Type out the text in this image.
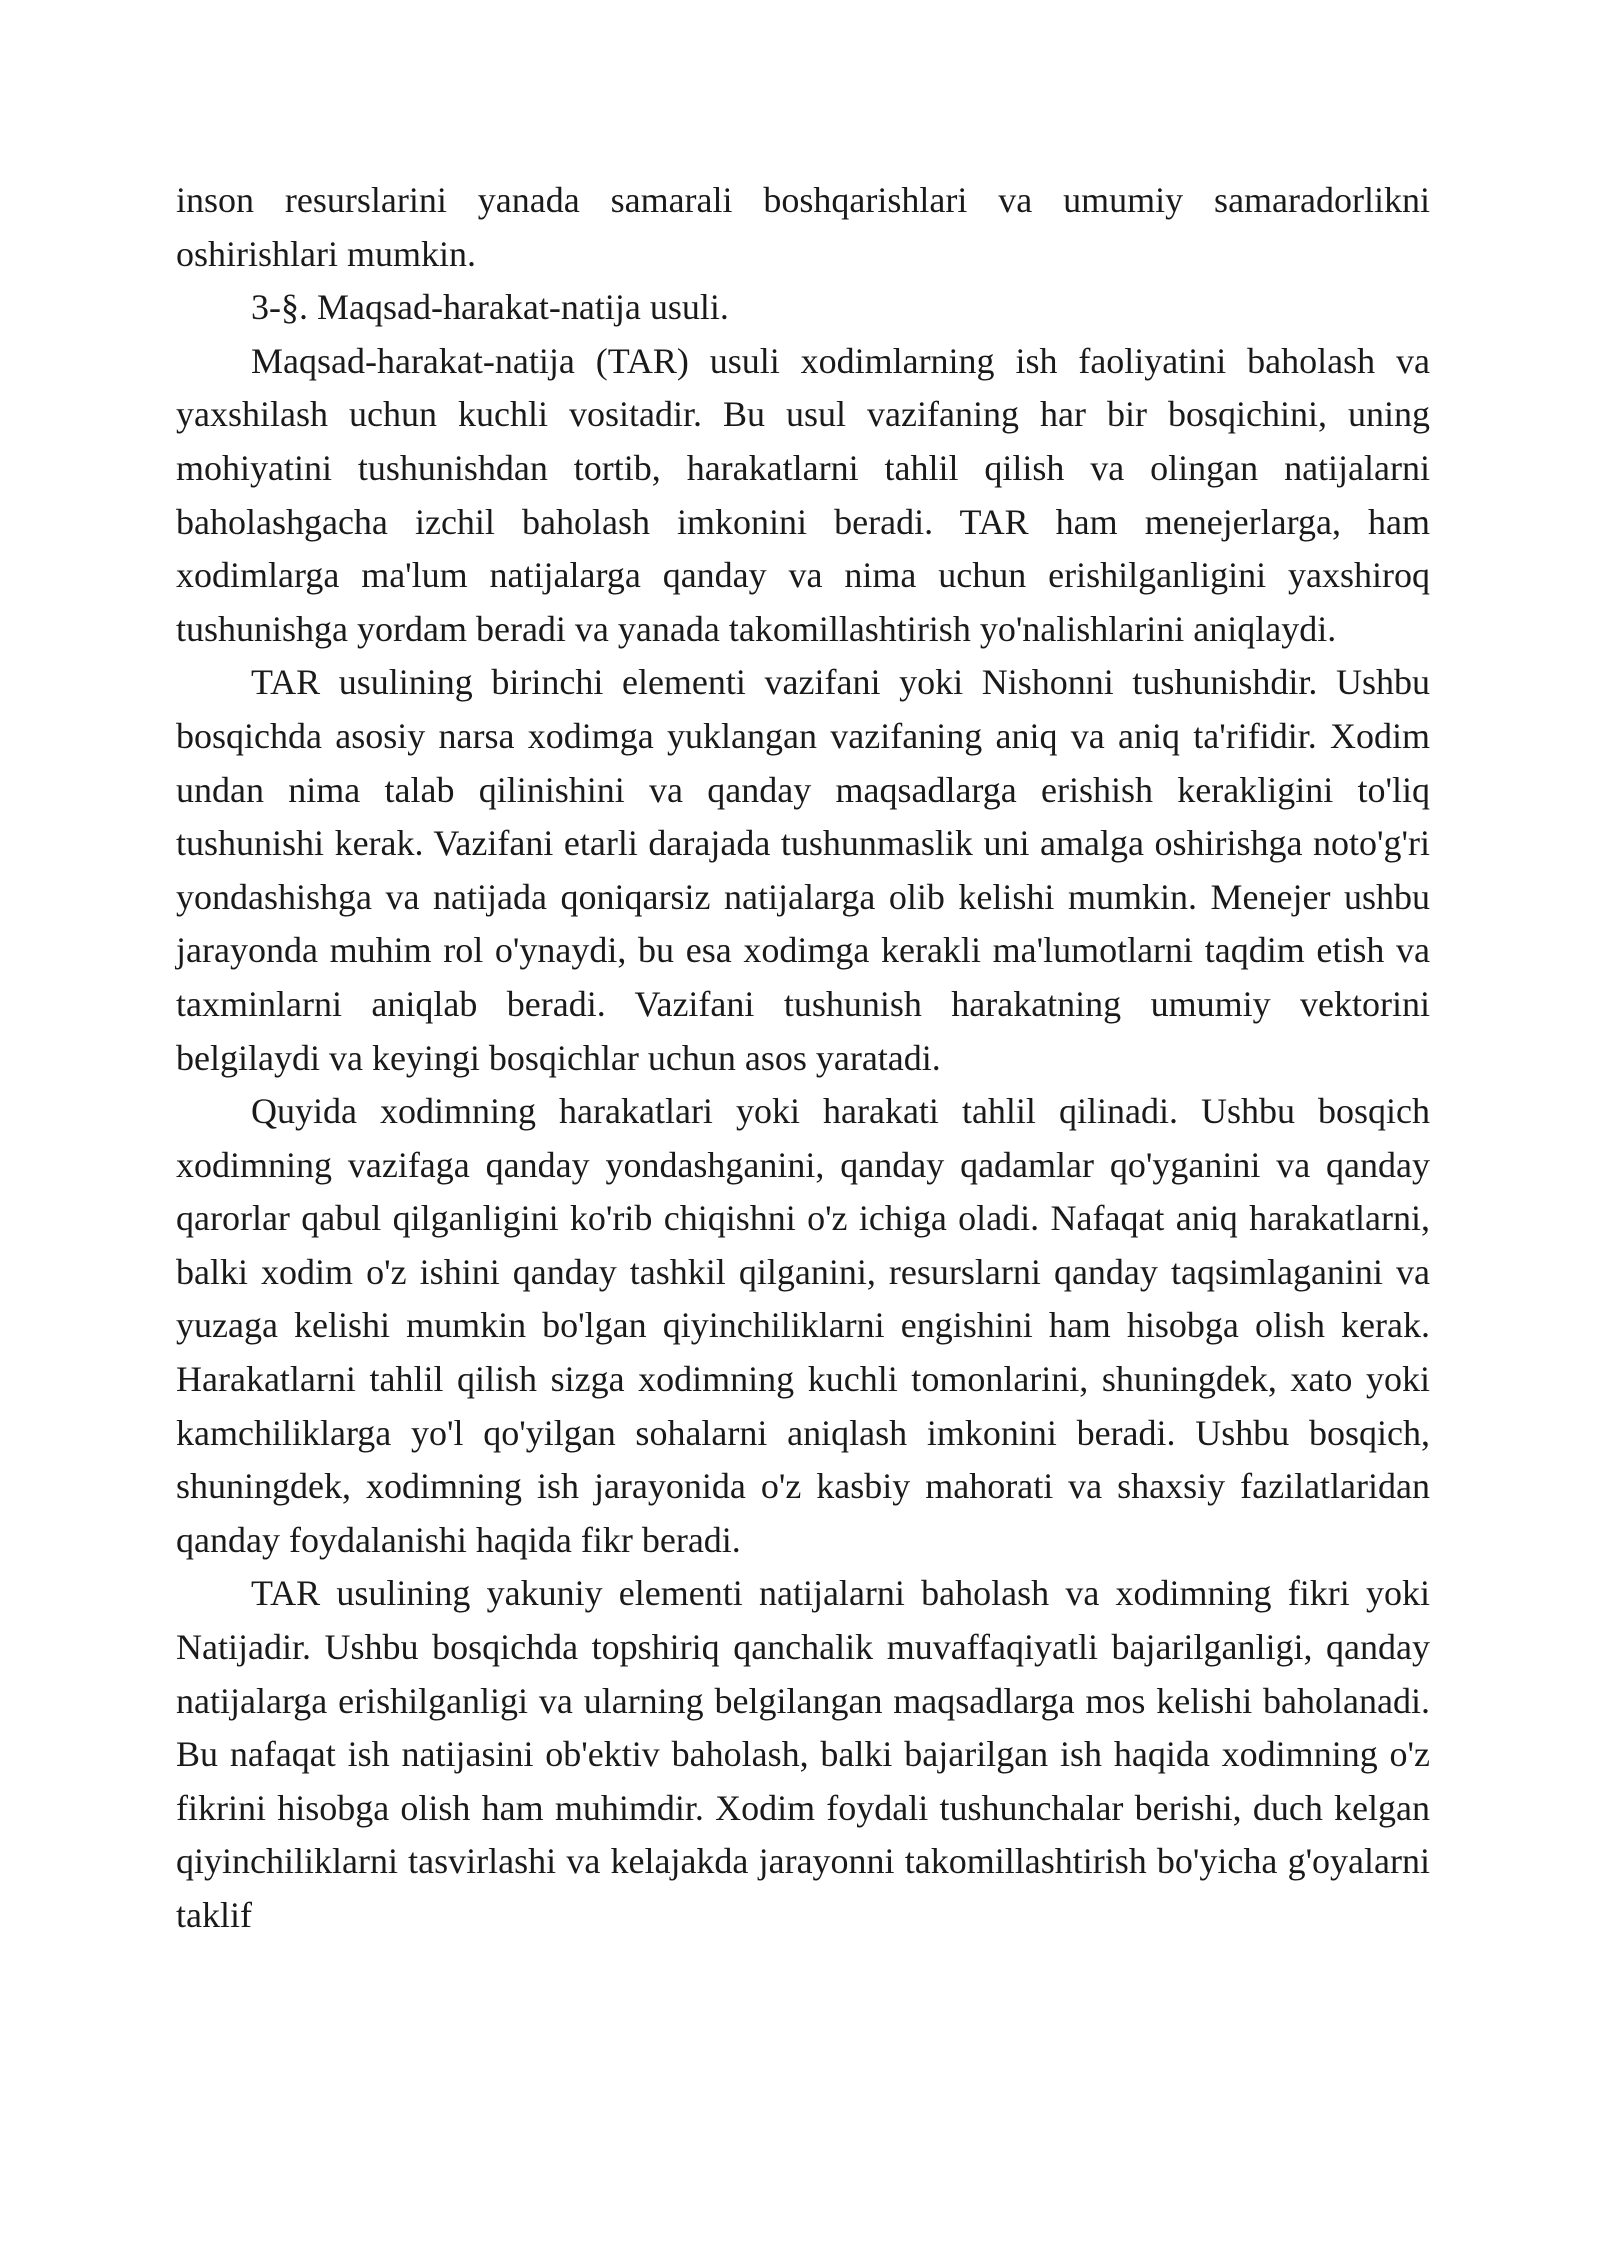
inson resurslarini yanada samarali boshqarishlari va umumiy samaradorlikni oshirishlari mumkin.

3-§. Maqsad-harakat-natija usuli.

Maqsad-harakat-natija (TAR) usuli xodimlarning ish faoliyatini baholash va yaxshilash uchun kuchli vositadir. Bu usul vazifaning har bir bosqichini, uning mohiyatini tushunishdan tortib, harakatlarni tahlil qilish va olingan natijalarni baholashgacha izchil baholash imkonini beradi. TAR ham menejerlarga, ham xodimlarga ma'lum natijalarga qanday va nima uchun erishilganligini yaxshiroq tushunishga yordam beradi va yanada takomillashtirish yo'nalishlarini aniqlaydi.

TAR usulining birinchi elementi vazifani yoki Nishonni tushunishdir. Ushbu bosqichda asosiy narsa xodimga yuklangan vazifaning aniq va aniq ta'rifidir. Xodim undan nima talab qilinishini va qanday maqsadlarga erishish kerakligini to'liq tushunishi kerak. Vazifani etarli darajada tushunmaslik uni amalga oshirishga noto'g'ri yondashishga va natijada qoniqarsiz natijalarga olib kelishi mumkin. Menejer ushbu jarayonda muhim rol o'ynaydi, bu esa xodimga kerakli ma'lumotlarni taqdim etish va taxminlarni aniqlab beradi. Vazifani tushunish harakatning umumiy vektorini belgilaydi va keyingi bosqichlar uchun asos yaratadi.

Quyida xodimning harakatlari yoki harakati tahlil qilinadi. Ushbu bosqich xodimning vazifaga qanday yondashganini, qanday qadamlar qo'yganini va qanday qarorlar qabul qilganligini ko'rib chiqishni o'z ichiga oladi. Nafaqat aniq harakatlarni, balki xodim o'z ishini qanday tashkil qilganini, resurslarni qanday taqsimlaganini va yuzaga kelishi mumkin bo'lgan qiyinchiliklarni engishini ham hisobga olish kerak. Harakatlarni tahlil qilish sizga xodimning kuchli tomonlarini, shuningdek, xato yoki kamchiliklarga yo'l qo'yilgan sohalarni aniqlash imkonini beradi. Ushbu bosqich, shuningdek, xodimning ish jarayonida o'z kasbiy mahorati va shaxsiy fazilatlaridan qanday foydalanishi haqida fikr beradi.

TAR usulining yakuniy elementi natijalarni baholash va xodimning fikri yoki Natijadir. Ushbu bosqichda topshiriq qanchalik muvaffaqiyatli bajarilganligi, qanday natijalarga erishilganligi va ularning belgilangan maqsadlarga mos kelishi baholanadi. Bu nafaqat ish natijasini ob'ektiv baholash, balki bajarilgan ish haqida xodimning o'z fikrini hisobga olish ham muhimdir. Xodim foydali tushunchalar berishi, duch kelgan qiyinchiliklarni tasvirlashi va kelajakda jarayonni takomillashtirish bo'yicha g'oyalarni taklif
